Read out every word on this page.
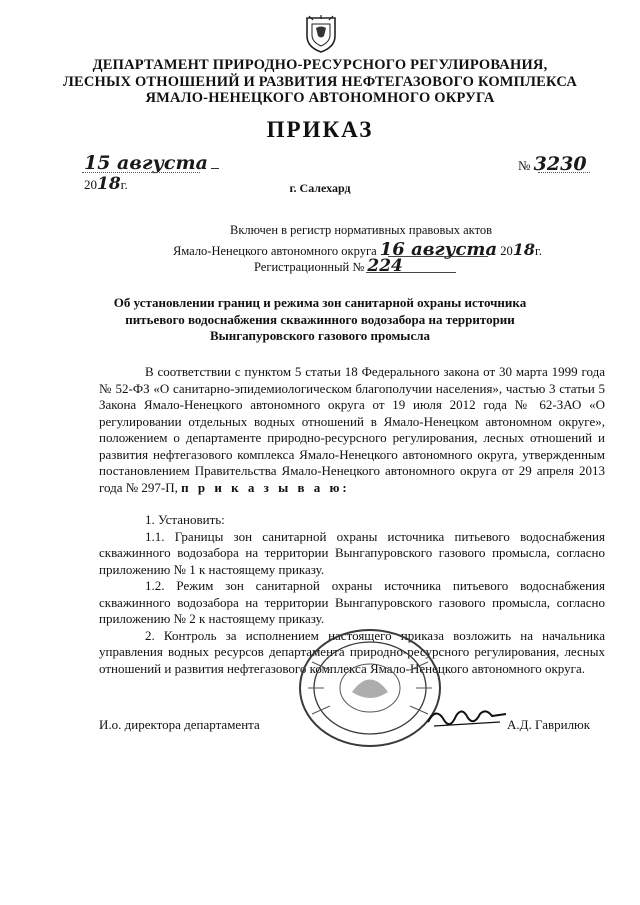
ДЕПАРТАМЕНТ ПРИРОДНО-РЕСУРСНОГО РЕГУЛИРОВАНИЯ,
ЛЕСНЫХ ОТНОШЕНИЙ И РАЗВИТИЯ НЕФТЕГАЗОВОГО КОМПЛЕКСА
ЯМАЛО-НЕНЕЦКОГО АВТОНОМНОГО ОКРУГА
ПРИКАЗ
15 августа  2018г.
№ 3230
г. Салехард
Включен в регистр нормативных правовых актов
Ямало-Ненецкого автономного округа 16 августа 2018г.
Регистрационный № 224
Об установлении границ и режима зон санитарной охраны источника
питьевого водоснабжения скважинного водозабора на территории
Вынгапуровского газового промысла

В соответствии с пунктом 5 статьи 18 Федерального закона от 30 марта 1999 года № 52-ФЗ «О санитарно-эпидемиологическом благополучии населения», частью 3 статьи 5 Закона Ямало-Ненецкого автономного округа от 19 июля 2012 года № 62-ЗАО «О регулировании отдельных водных отношений в Ямало-Ненецком автономном округе», положением о департаменте природно-ресурсного регулирования, лесных отношений и развития нефтегазового комплекса Ямало-Ненецкого автономного округа, утвержденным постановлением Правительства Ямало-Ненецкого автономного округа от 29 апреля 2013 года № 297-П, п р и к а з ы в а ю:

1. Установить:

1.1. Границы зон санитарной охраны источника питьевого водоснабжения скважинного водозабора на территории Вынгапуровского газового промысла, согласно приложению № 1 к настоящему приказу.

1.2. Режим зон санитарной охраны источника питьевого водоснабжения скважинного водозабора на территории Вынгапуровского газового промысла, согласно приложению № 2 к настоящему приказу.

2. Контроль за исполнением настоящего приказа возложить на начальника управления водных ресурсов департамента природно-ресурсного регулирования, лесных отношений и развития нефтегазового комплекса Ямало-Ненецкого автономного округа.

И.о. директора департамента	А.Д. Гаврилюк
